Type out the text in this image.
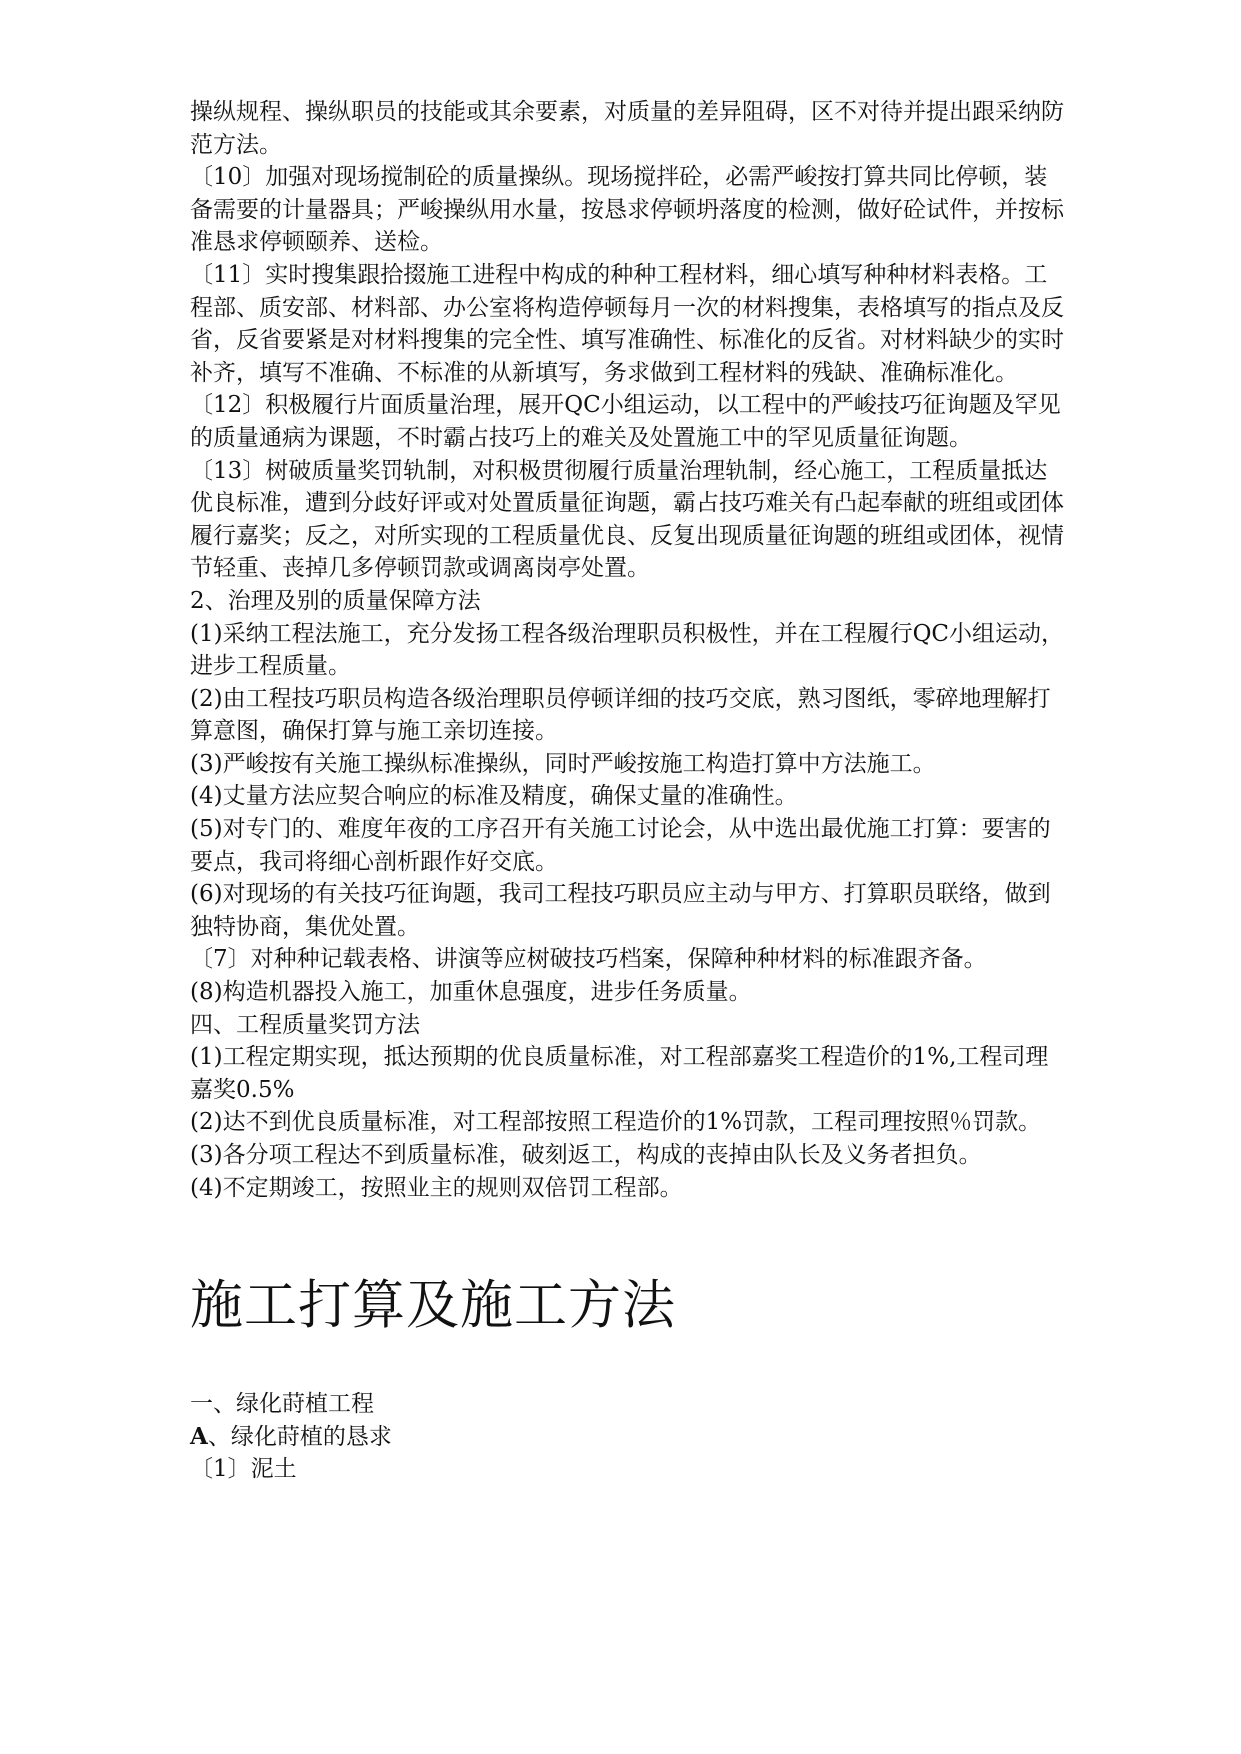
操纵规程、操纵职员的技能或其余要素，对质量的差异阻碍，区不对待并提出跟采纳防范方法。

〔10〕加强对现场搅制砼的质量操纵。现场搅拌砼，必需严峻按打算共同比停顿，装备需要的计量器具；严峻操纵用水量，按恳求停顿坍落度的检测，做好砼试件，并按标准恳求停顿颐养、送检。

〔11〕实时搜集跟拾掇施工进程中构成的种种工程材料，细心填写种种材料表格。工程部、质安部、材料部、办公室将构造停顿每月一次的材料搜集，表格填写的指点及反省，反省要紧是对材料搜集的完全性、填写准确性、标准化的反省。对材料缺少的实时补齐，填写不准确、不标准的从新填写，务求做到工程材料的残缺、准确标准化。

〔12〕积极履行片面质量治理，展开QC小组运动，以工程中的严峻技巧征询题及罕见的质量通病为课题，不时霸占技巧上的难关及处置施工中的罕见质量征询题。

〔13〕树破质量奖罚轨制，对积极贯彻履行质量治理轨制，经心施工，工程质量抵达优良标准，遭到分歧好评或对处置质量征询题，霸占技巧难关有凸起奉献的班组或团体履行嘉奖；反之，对所实现的工程质量优良、反复出现质量征询题的班组或团体，视情节轻重、丧掉几多停顿罚款或调离岗亭处置。

2、治理及别的质量保障方法

(1)采纳工程法施工，充分发扬工程各级治理职员积极性，并在工程履行QC小组运动，进步工程质量。

(2)由工程技巧职员构造各级治理职员停顿详细的技巧交底，熟习图纸，零碎地理解打算意图，确保打算与施工亲切连接。

(3)严峻按有关施工操纵标准操纵，同时严峻按施工构造打算中方法施工。

(4)丈量方法应契合响应的标准及精度，确保丈量的准确性。

(5)对专门的、难度年夜的工序召开有关施工讨论会，从中选出最优施工打算：要害的要点，我司将细心剖析跟作好交底。

(6)对现场的有关技巧征询题，我司工程技巧职员应主动与甲方、打算职员联络，做到独特协商，集优处置。

〔7〕对种种记载表格、讲演等应树破技巧档案，保障种种材料的标准跟齐备。

(8)构造机器投入施工，加重休息强度，进步任务质量。

四、工程质量奖罚方法

(1)工程定期实现，抵达预期的优良质量标准，对工程部嘉奖工程造价的1%,工程司理嘉奖0.5%

(2)达不到优良质量标准，对工程部按照工程造价的1%罚款，工程司理按照％罚款。

(3)各分项工程达不到质量标准，破刻返工，构成的丧掉由队长及义务者担负。

(4)不定期竣工，按照业主的规则双倍罚工程部。

施工打算及施工方法

一、绿化莳植工程

A、绿化莳植的恳求

〔1〕泥土
